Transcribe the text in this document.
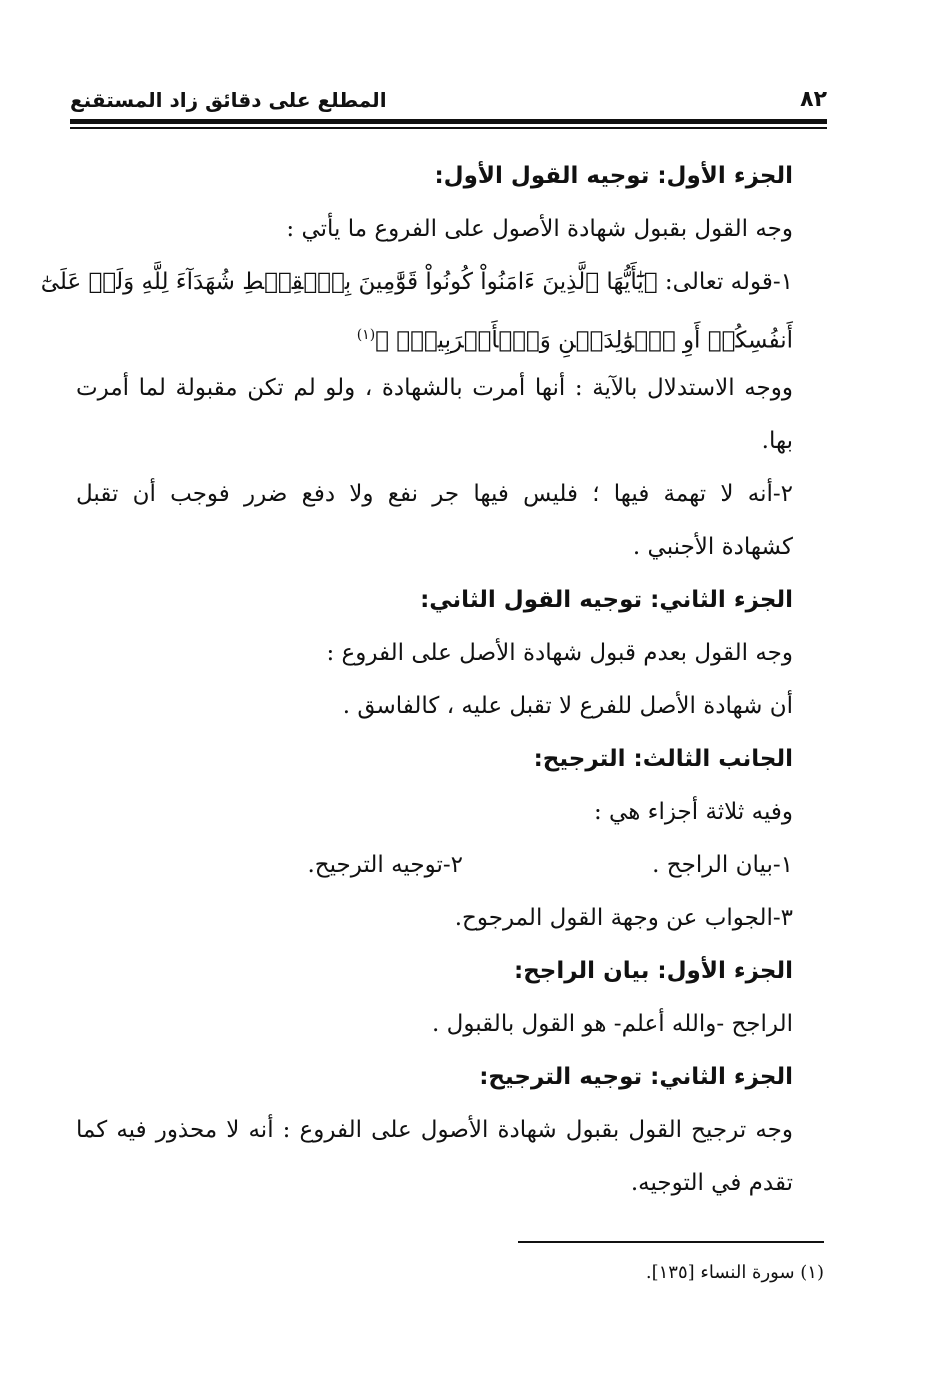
٨٢
المطلع على دقائق زاد المستقنع
الجزء الأول: توجيه القول الأول:
وجه القول بقبول شهادة الأصول على الفروع ما يأتي :
١-قوله تعالى: ﴿يَٰٓأَيُّهَا ٱلَّذِينَ ءَامَنُواْ كُونُواْ قَوَّٰمِينَ بِٱلۡقِسۡطِ شُهَدَآءَ لِلَّهِ وَلَوۡ عَلَىٰٓ
أَنفُسِكُمۡ أَوِ ٱلۡوَٰلِدَيۡنِ وَٱلۡأَقۡرَبِينَۚ ﴾$^{(١)}$
ووجه الاستدلال بالآية : أنها أمرت بالشهادة ، ولو لم تكن مقبولة لما أمرت
بها.
٢-أنه لا تهمة فيها ؛ فليس فيها جر نفع ولا دفع ضرر فوجب أن تقبل
كشهادة الأجنبي .
الجزء الثاني: توجيه القول الثاني:
وجه القول بعدم قبول شهادة الأصل على الفروع :
أن شهادة الأصل للفرع لا تقبل عليه ، كالفاسق .
الجانب الثالث: الترجيح:
وفيه ثلاثة أجزاء هي :
١-بيان الراجح .
٢-توجيه الترجيح.
٣-الجواب عن وجهة القول المرجوح.
الجزء الأول: بيان الراجح:
الراجح -والله أعلم- هو القول بالقبول .
الجزء الثاني: توجيه الترجيح:
وجه ترجيح القول بقبول شهادة الأصول على الفروع : أنه لا محذور فيه كما
تقدم في التوجيه.
(١) سورة النساء [١٣٥].
